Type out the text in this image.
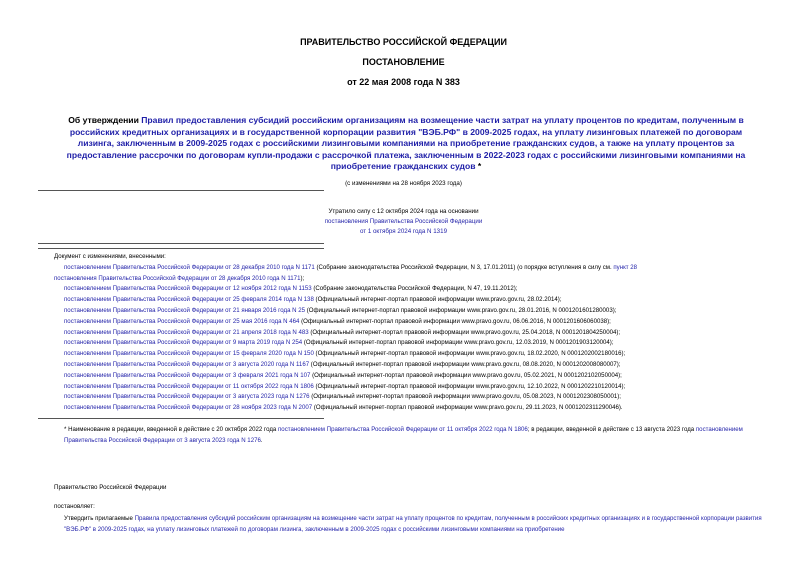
ПРАВИТЕЛЬСТВО РОССИЙСКОЙ ФЕДЕРАЦИИ
ПОСТАНОВЛЕНИЕ
от 22 мая 2008 года N 383
Об утверждении Правил предоставления субсидий российским организациям на возмещение части затрат на уплату процентов по кредитам, полученным в российских кредитных организациях и в государственной корпорации развития "ВЭБ.РФ" в 2009-2025 годах, на уплату лизинговых платежей по договорам лизинга, заключенным в 2009-2025 годах с российскими лизинговыми компаниями на приобретение гражданских судов, а также на уплату процентов за предоставление рассрочки по договорам купли-продажи с рассрочкой платежа, заключенным в 2022-2023 годах с российскими лизинговыми компаниями на приобретение гражданских судов *
(с изменениями на 28 ноября 2023 года)
Утратило силу с 12 октября 2024 года на основании
постановления Правительства Российской Федерации
от 1 октября 2024 года N 1319
Документ с изменениями, внесенными:
постановлением Правительства Российской Федерации от 28 декабря 2010 года N 1171 (Собрание законодательства Российской Федерации, N 3, 17.01.2011) (о порядке вступления в силу см. пункт 28
постановления Правительства Российской Федерации от 28 декабря 2010 года N 1171);
постановлением Правительства Российской Федерации от 12 ноября 2012 года N 1153 (Собрание законодательства Российской Федерации, N 47, 19.11.2012);
постановлением Правительства Российской Федерации от 25 февраля 2014 года N 138 (Официальный интернет-портал правовой информации www.pravo.gov.ru, 28.02.2014);
постановлением Правительства Российской Федерации от 21 января 2016 года N 25 (Официальный интернет-портал правовой информации www.pravo.gov.ru, 28.01.2016, N 0001201601280003);
постановлением Правительства Российской Федерации от 25 мая 2016 года N 464 (Официальный интернет-портал правовой информации www.pravo.gov.ru, 06.06.2016, N 0001201606060038);
постановлением Правительства Российской Федерации от 21 апреля 2018 года N 483 (Официальный интернет-портал правовой информации www.pravo.gov.ru, 25.04.2018, N 0001201804250004);
постановлением Правительства Российской Федерации от 9 марта 2019 года N 254 (Официальный интернет-портал правовой информации www.pravo.gov.ru, 12.03.2019, N 0001201903120004);
постановлением Правительства Российской Федерации от 15 февраля 2020 года N 150 (Официальный интернет-портал правовой информации www.pravo.gov.ru, 18.02.2020, N 0001202002180016);
постановлением Правительства Российской Федерации от 3 августа 2020 года N 1167 (Официальный интернет-портал правовой информации www.pravo.gov.ru, 08.08.2020, N 0001202008080007);
постановлением Правительства Российской Федерации от 3 февраля 2021 года N 107 (Официальный интернет-портал правовой информации www.pravo.gov.ru, 05.02.2021, N 0001202102050004);
постановлением Правительства Российской Федерации от 11 октября 2022 года N 1806 (Официальный интернет-портал правовой информации www.pravo.gov.ru, 12.10.2022, N 0001202210120014);
постановлением Правительства Российской Федерации от 3 августа 2023 года N 1276 (Официальный интернет-портал правовой информации www.pravo.gov.ru, 05.08.2023, N 0001202308050001);
постановлением Правительства Российской Федерации от 28 ноября 2023 года N 2007 (Официальный интернет-портал правовой информации www.pravo.gov.ru, 29.11.2023, N 0001202311290046).
* Наименование в редакции, введенной в действие с 20 октября 2022 года постановлением Правительства Российской Федерации от 11 октября 2022 года N 1806; в редакции, введенной в действие с 13 августа 2023 года постановлением Правительства Российской Федерации от 3 августа 2023 года N 1276.
Правительство Российской Федерации
постановляет:
Утвердить прилагаемые Правила предоставления субсидий российским организациям на возмещение части затрат на уплату процентов по кредитам, полученным в российских кредитных организациях и в государственной корпорации развития "ВЭБ.РФ" в 2009-2025 годах, на уплату лизинговых платежей по договорам лизинга, заключенным в 2009-2025 годах с российскими лизинговыми компаниями на приобретение
